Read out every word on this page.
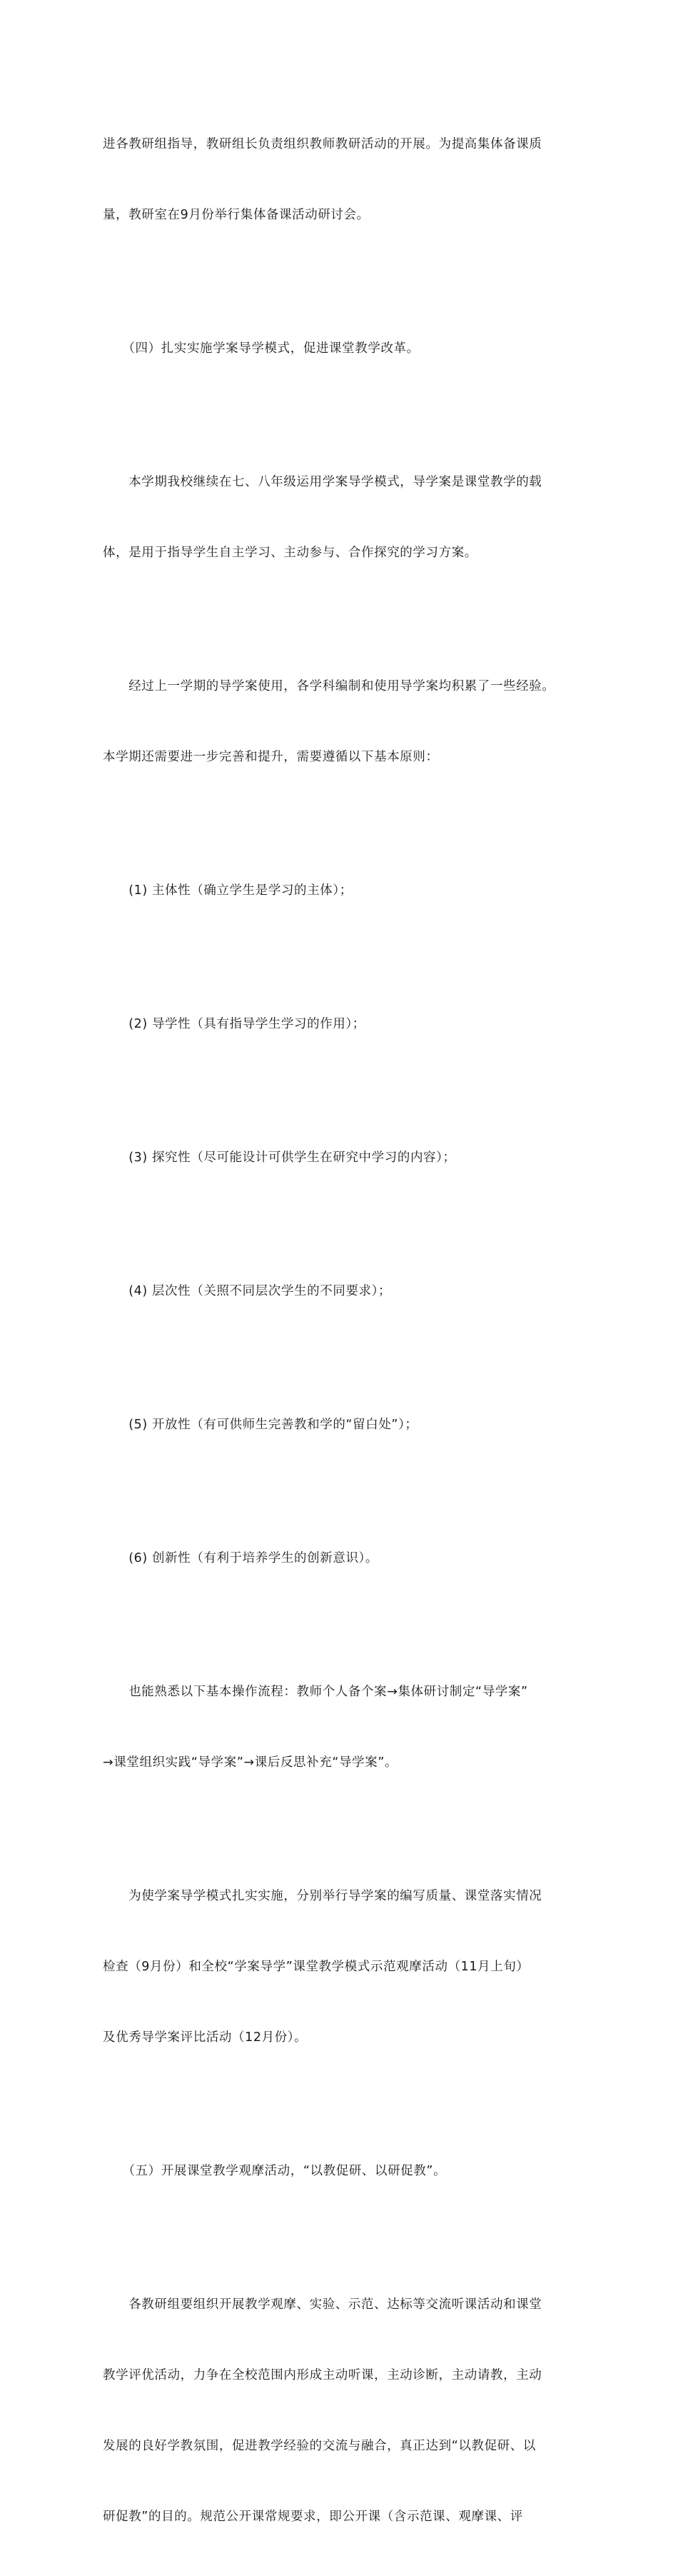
进各教研组指导，教研组长负责组织教师教研活动的开展。为提高集体备课质

量，教研室在9月份举行集体备课活动研讨会。

　　（四）扎实实施学案导学模式，促进课堂教学改革。

　　本学期我校继续在七、八年级运用学案导学模式，导学案是课堂教学的载

体，是用于指导学生自主学习、主动参与、合作探究的学习方案。

　　经过上一学期的导学案使用，各学科编制和使用导学案均积累了一些经验。

本学期还需要进一步完善和提升，需要遵循以下基本原则：

　　(1) 主体性（确立学生是学习的主体）；

　　(2) 导学性（具有指导学生学习的作用）；

　　(3) 探究性（尽可能设计可供学生在研究中学习的内容）；

　　(4) 层次性（关照不同层次学生的不同要求）；

　　(5) 开放性（有可供师生完善教和学的“留白处”）；

　　(6) 创新性（有利于培养学生的创新意识）。

　　也能熟悉以下基本操作流程：教师个人备个案→集体研讨制定“导学案”

→课堂组织实践“导学案”→课后反思补充“导学案”。

　　为使学案导学模式扎实实施，分别举行导学案的编写质量、课堂落实情况

检查（9月份）和全校“学案导学”课堂教学模式示范观摩活动（11月上旬）

及优秀导学案评比活动（12月份）。

　　（五）开展课堂教学观摩活动，“以教促研、以研促教”。

　　各教研组要组织开展教学观摩、实验、示范、达标等交流听课活动和课堂

教学评优活动，力争在全校范围内形成主动听课，主动诊断，主动请教，主动

发展的良好学教氛围，促进教学经验的交流与融合，真正达到“以教促研、以

研促教”的目的。规范公开课常规要求，即公开课（含示范课、观摩课、评
